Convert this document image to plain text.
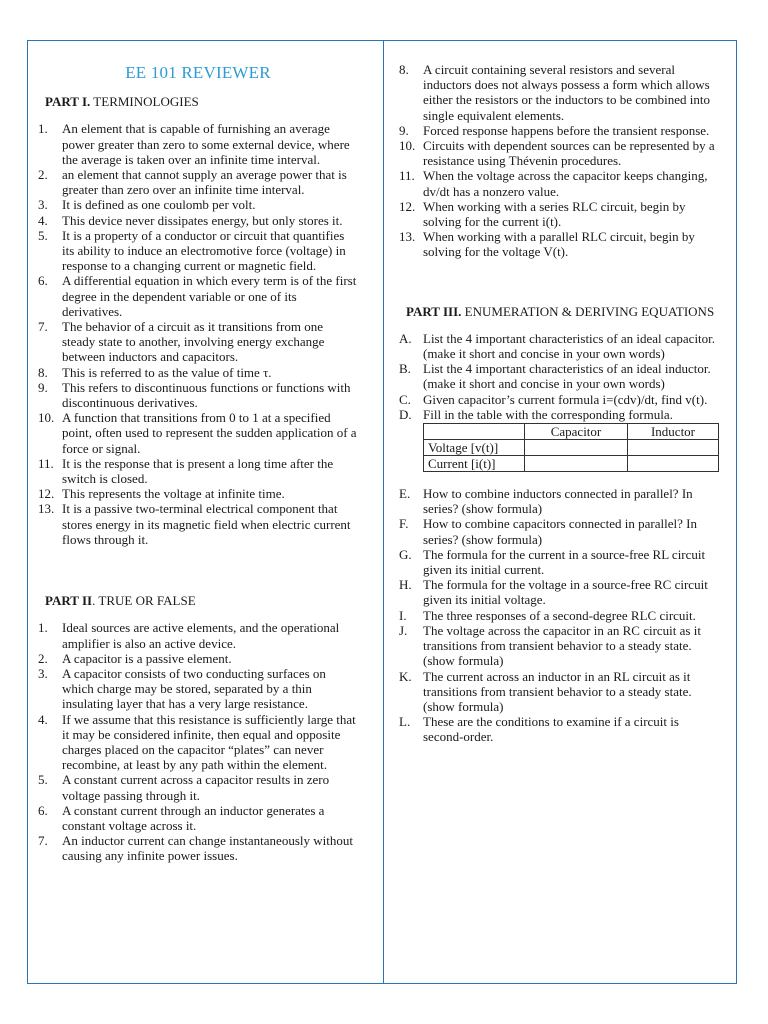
EE 101 REVIEWER
PART I. TERMINOLOGIES
1. An element that is capable of furnishing an average power greater than zero to some external device, where the average is taken over an infinite time interval.
2. an element that cannot supply an average power that is greater than zero over an infinite time interval.
3. It is defined as one coulomb per volt.
4. This device never dissipates energy, but only stores it.
5. It is a property of a conductor or circuit that quantifies its ability to induce an electromotive force (voltage) in response to a changing current or magnetic field.
6. A differential equation in which every term is of the first degree in the dependent variable or one of its derivatives.
7. The behavior of a circuit as it transitions from one steady state to another, involving energy exchange between inductors and capacitors.
8. This is referred to as the value of time τ.
9. This refers to discontinuous functions or functions with discontinuous derivatives.
10. A function that transitions from 0 to 1 at a specified point, often used to represent the sudden application of a force or signal.
11. It is the response that is present a long time after the switch is closed.
12. This represents the voltage at infinite time.
13. It is a passive two-terminal electrical component that stores energy in its magnetic field when electric current flows through it.
PART II. TRUE OR FALSE
1. Ideal sources are active elements, and the operational amplifier is also an active device.
2. A capacitor is a passive element.
3. A capacitor consists of two conducting surfaces on which charge may be stored, separated by a thin insulating layer that has a very large resistance.
4. If we assume that this resistance is sufficiently large that it may be considered infinite, then equal and opposite charges placed on the capacitor “plates” can never recombine, at least by any path within the element.
5. A constant current across a capacitor results in zero voltage passing through it.
6. A constant current through an inductor generates a constant voltage across it.
7. An inductor current can change instantaneously without causing any infinite power issues.
8. A circuit containing several resistors and several inductors does not always possess a form which allows either the resistors or the inductors to be combined into single equivalent elements.
9. Forced response happens before the transient response.
10. Circuits with dependent sources can be represented by a resistance using Thévenin procedures.
11. When the voltage across the capacitor keeps changing, dv/dt has a nonzero value.
12. When working with a series RLC circuit, begin by solving for the current i(t).
13. When working with a parallel RLC circuit, begin by solving for the voltage V(t).
PART III. ENUMERATION & DERIVING EQUATIONS
A. List the 4 important characteristics of an ideal capacitor. (make it short and concise in your own words)
B. List the 4 important characteristics of an ideal inductor. (make it short and concise in your own words)
C. Given capacitor’s current formula i=(cdv)/dt, find v(t).
D. Fill in the table with the corresponding formula.
	Capacitor	Inductor
Voltage [v(t)]		
Current [i(t)]		
E. How to combine inductors connected in parallel? In series? (show formula)
F. How to combine capacitors connected in parallel? In series? (show formula)
G. The formula for the current in a source-free RL circuit given its initial current.
H. The formula for the voltage in a source-free RC circuit given its initial voltage.
I. The three responses of a second-degree RLC circuit.
J. The voltage across the capacitor in an RC circuit as it transitions from transient behavior to a steady state. (show formula)
K. The current across an inductor in an RL circuit as it transitions from transient behavior to a steady state. (show formula)
L. These are the conditions to examine if a circuit is second-order.
